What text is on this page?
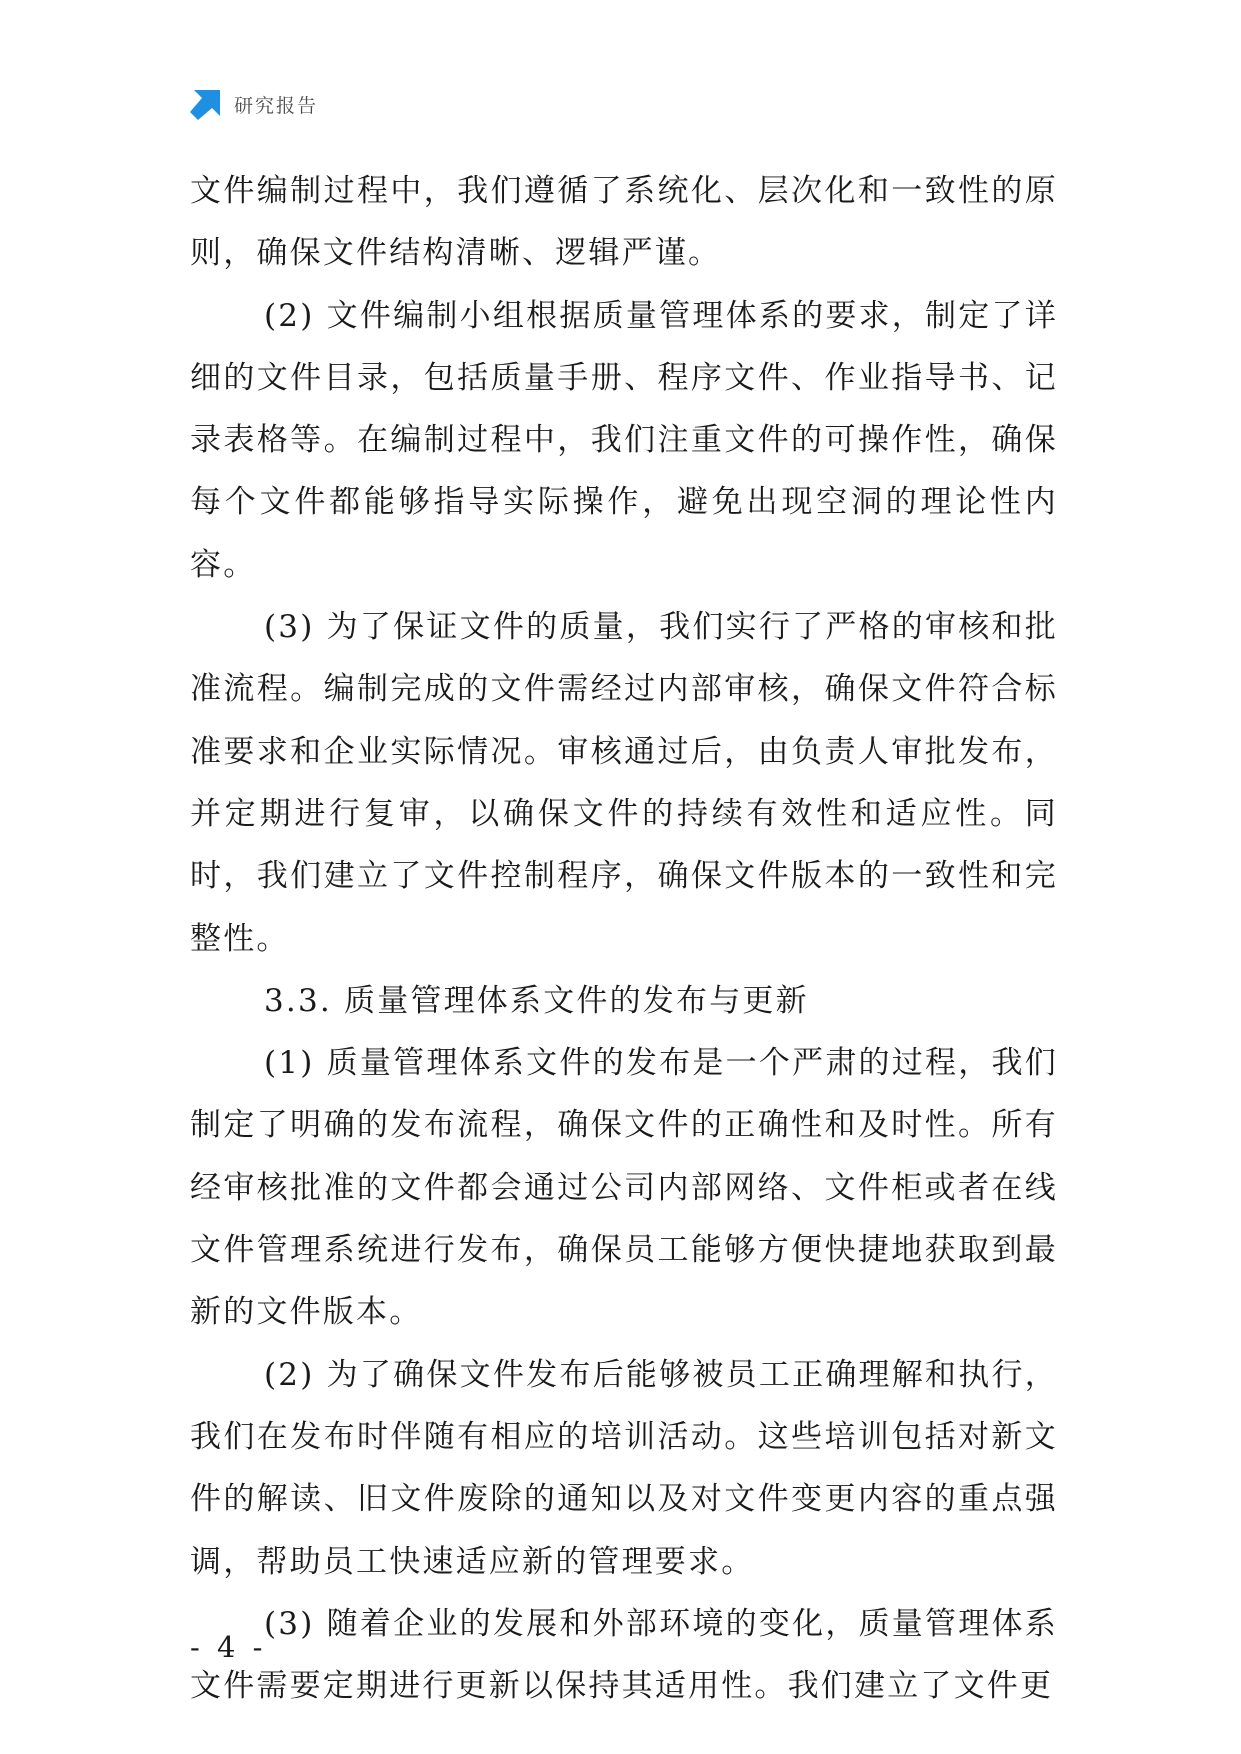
研究报告

文件编制过程中，我们遵循了系统化、层次化和一致性的原则，确保文件结构清晰、逻辑严谨。

(2) 文件编制小组根据质量管理体系的要求，制定了详细的文件目录，包括质量手册、程序文件、作业指导书、记录表格等。在编制过程中，我们注重文件的可操作性，确保每个文件都能够指导实际操作，避免出现空洞的理论性内容。

(3) 为了保证文件的质量，我们实行了严格的审核和批准流程。编制完成的文件需经过内部审核，确保文件符合标准要求和企业实际情况。审核通过后，由负责人审批发布，并定期进行复审，以确保文件的持续有效性和适应性。同时，我们建立了文件控制程序，确保文件版本的一致性和完整性。

3.3. 质量管理体系文件的发布与更新

(1) 质量管理体系文件的发布是一个严肃的过程，我们制定了明确的发布流程，确保文件的正确性和及时性。所有经审核批准的文件都会通过公司内部网络、文件柜或者在线文件管理系统进行发布，确保员工能够方便快捷地获取到最新的文件版本。

(2) 为了确保文件发布后能够被员工正确理解和执行，我们在发布时伴随有相应的培训活动。这些培训包括对新文件的解读、旧文件废除的通知以及对文件变更内容的重点强调，帮助员工快速适应新的管理要求。

(3) 随着企业的发展和外部环境的变化，质量管理体系文件需要定期进行更新以保持其适用性。我们建立了文件更

- 4 -
